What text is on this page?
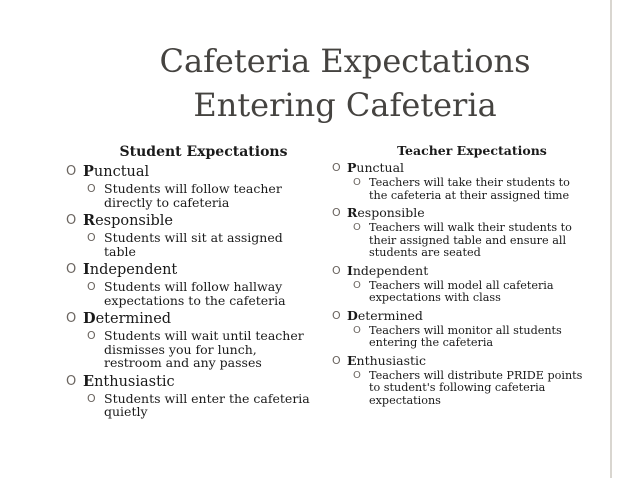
Cafeteria Expectations
Entering Cafeteria
Student Expectations
O Punctual
O Students will follow teacher directly to cafeteria
O Responsible
O Students will sit at assigned table
O Independent
O Students will follow hallway expectations to the cafeteria
O Determined
O Students will wait until teacher dismisses you for lunch, restroom and any passes
O Enthusiastic
O Students will enter the cafeteria quietly
Teacher Expectations
O Punctual
O Teachers will take their students to the cafeteria at their assigned time
O Responsible
O Teachers will walk their students to their assigned table and ensure all students are seated
O Independent
O Teachers will model all cafeteria expectations with class
O Determined
O Teachers will monitor all students entering the cafeteria
O Enthusiastic
O Teachers will distribute PRIDE points to student's following cafeteria expectations
